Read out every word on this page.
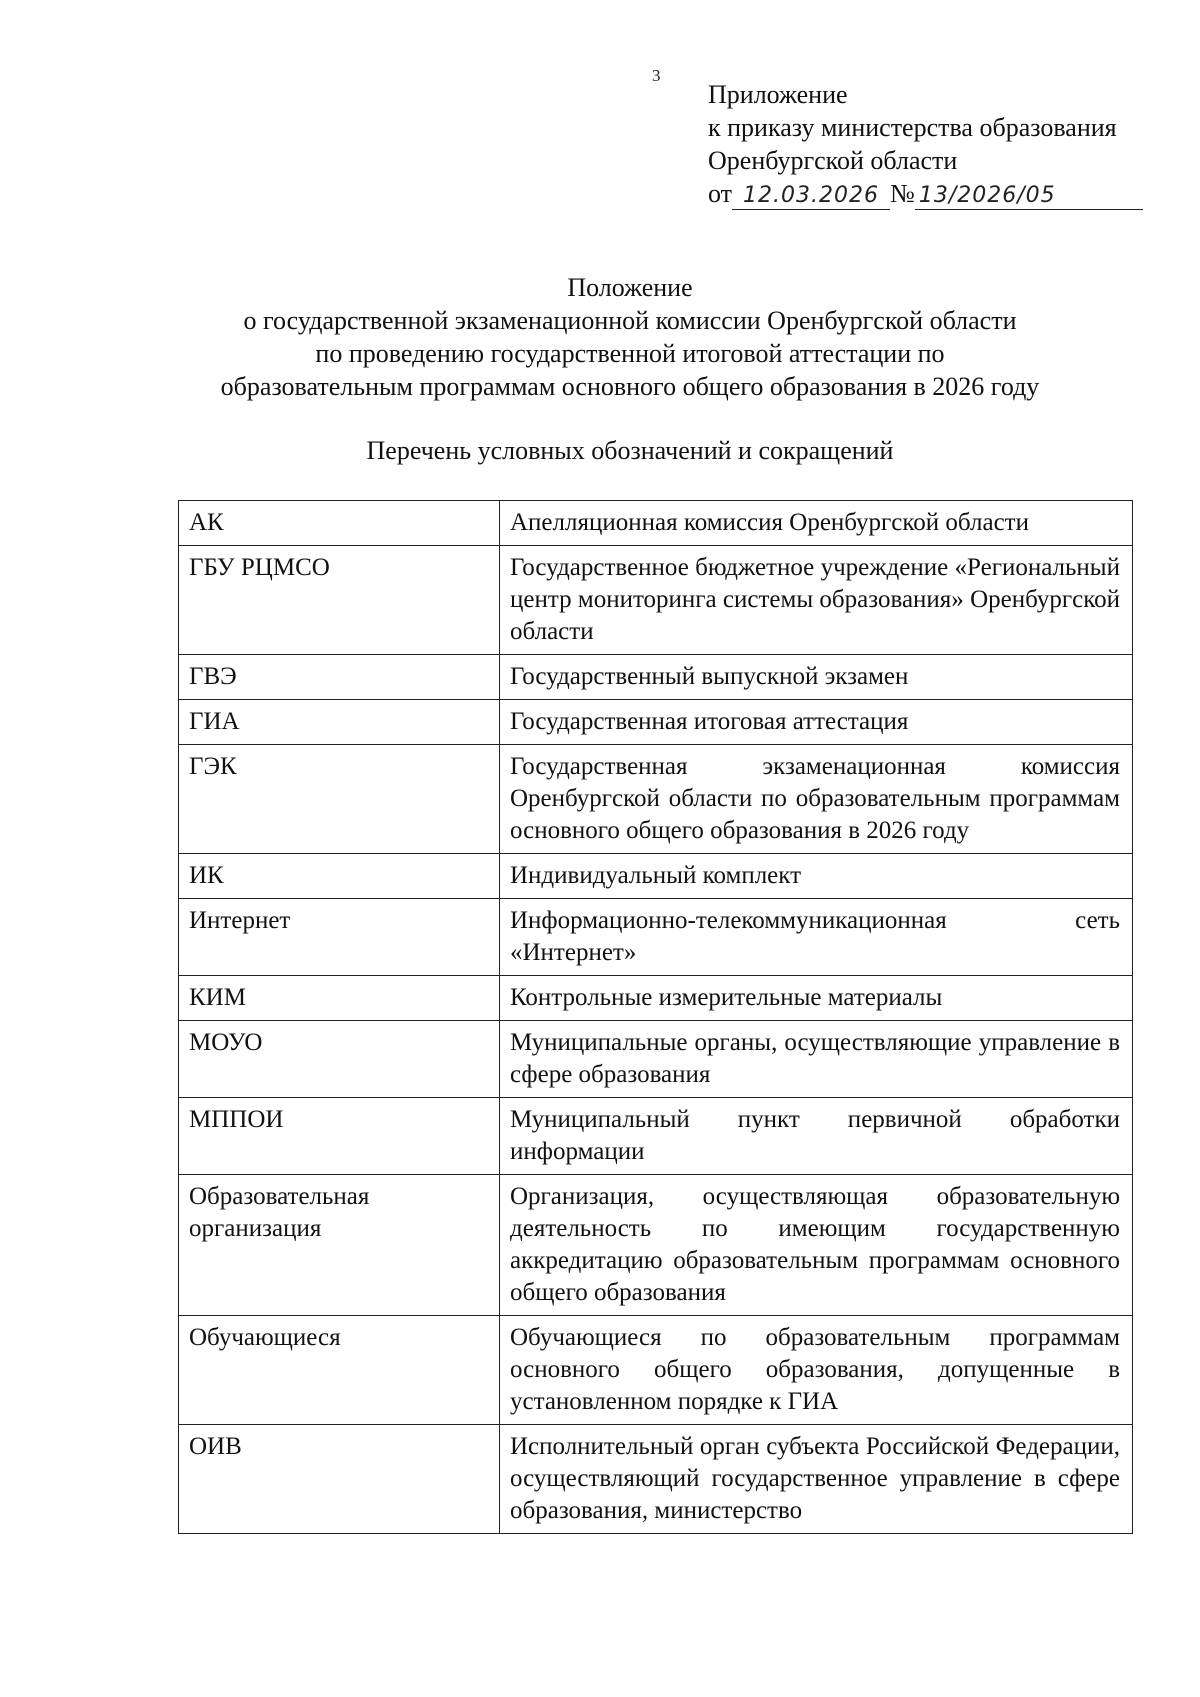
3
Приложение
к приказу министерства образования
Оренбургской области
от 12.03.2026 № 13/2026/05
Положение
о государственной экзаменационной комиссии Оренбургской области
по проведению государственной итоговой аттестации по
образовательным программам основного общего образования в 2026 году
Перечень условных обозначений и сокращений
АК	Апелляционная комиссия Оренбургской области
ГБУ РЦМСО	Государственное бюджетное учреждение «Региональный центр мониторинга системы образования» Оренбургской области
ГВЭ	Государственный выпускной экзамен
ГИА	Государственная итоговая аттестация
ГЭК	Государственная экзаменационная комиссия Оренбургской области по образовательным программам основного общего образования в 2026 году
ИК	Индивидуальный комплект
Интернет	Информационно-телекоммуникационная сеть «Интернет»
КИМ	Контрольные измерительные материалы
МОУО	Муниципальные органы, осуществляющие управление в сфере образования
МППОИ	Муниципальный пункт первичной обработки информации
Образовательная организация	Организация, осуществляющая образовательную деятельность по имеющим государственную аккредитацию образовательным программам основного общего образования
Обучающиеся	Обучающиеся по образовательным программам основного общего образования, допущенные в установленном порядке к ГИА
ОИВ	Исполнительный орган субъекта Российской Федерации, осуществляющий государственное управление в сфере образования, министерство
